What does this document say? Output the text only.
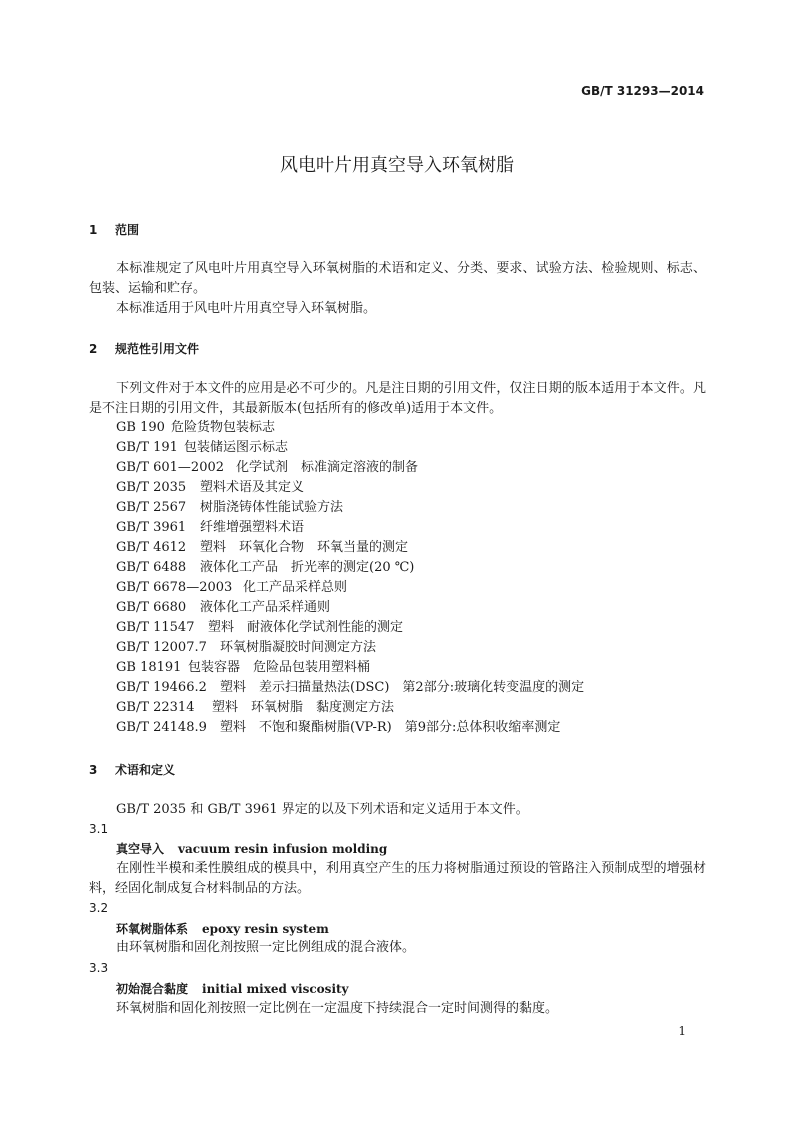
GB/T 31293—2014
风电叶片用真空导入环氧树脂
1 范围
本标准规定了风电叶片用真空导入环氧树脂的术语和定义、分类、要求、试验方法、检验规则、标志、包装、运输和贮存。
本标准适用于风电叶片用真空导入环氧树脂。
2 规范性引用文件
下列文件对于本文件的应用是必不可少的。凡是注日期的引用文件，仅注日期的版本适用于本文件。凡是不注日期的引用文件，其最新版本(包括所有的修改单)适用于本文件。
GB 190 危险货物包装标志
GB/T 191 包装储运图示标志
GB/T 601—2002 化学试剂　标准滴定溶液的制备
GB/T 2035 塑料术语及其定义
GB/T 2567 树脂浇铸体性能试验方法
GB/T 3961 纤维增强塑料术语
GB/T 4612 塑料　环氧化合物　环氧当量的测定
GB/T 6488 液体化工产品　折光率的测定(20 ℃)
GB/T 6678—2003 化工产品采样总则
GB/T 6680 液体化工产品采样通则
GB/T 11547 塑料　耐液体化学试剂性能的测定
GB/T 12007.7 环氧树脂凝胶时间测定方法
GB 18191 包装容器　危险品包装用塑料桶
GB/T 19466.2 塑料　差示扫描量热法(DSC)　第2部分:玻璃化转变温度的测定
GB/T 22314 塑料　环氧树脂　黏度测定方法
GB/T 24148.9 塑料　不饱和聚酯树脂(VP-R)　第9部分:总体积收缩率测定
3 术语和定义
GB/T 2035 和 GB/T 3961 界定的以及下列术语和定义适用于本文件。
3.1
真空导入 vacuum resin infusion molding
在刚性半模和柔性膜组成的模具中，利用真空产生的压力将树脂通过预设的管路注入预制成型的增强材料，经固化制成复合材料制品的方法。
3.2
环氧树脂体系 epoxy resin system
由环氧树脂和固化剂按照一定比例组成的混合液体。
3.3
初始混合黏度 initial mixed viscosity
环氧树脂和固化剂按照一定比例在一定温度下持续混合一定时间测得的黏度。
1
